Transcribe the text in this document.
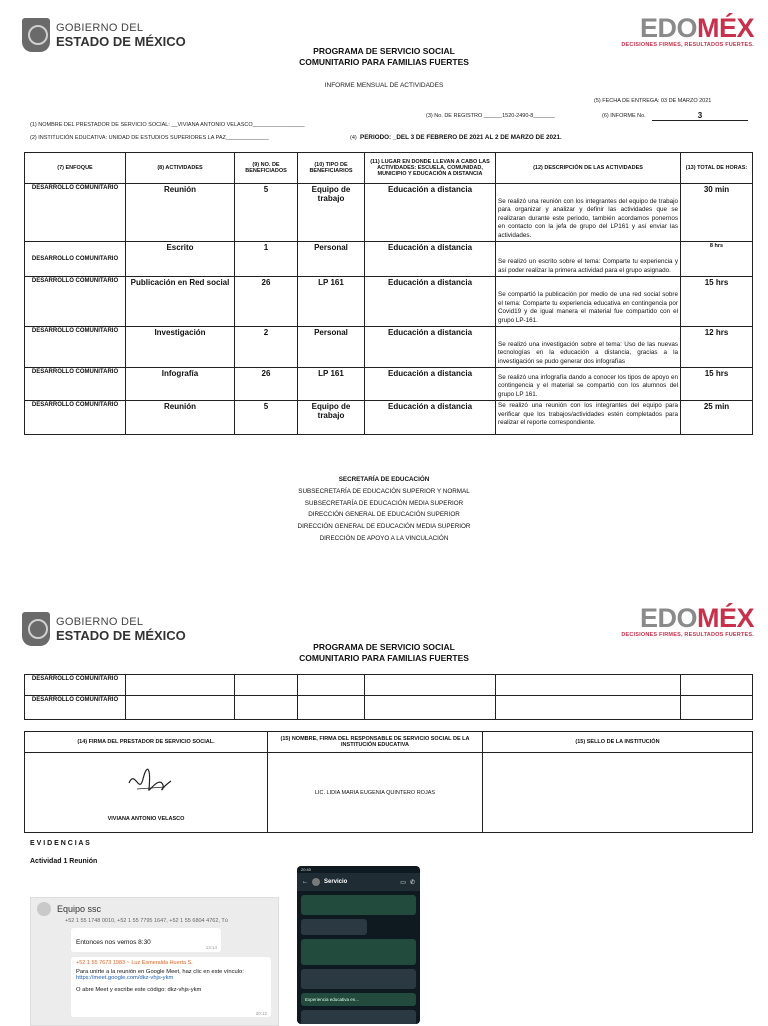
GOBIERNO DEL
ESTADO DE MÉXICO	EDOMÉX
DECISIONES FIRMES, RESULTADOS FUERTES.
PROGRAMA DE SERVICIO SOCIAL
COMUNITARIO PARA FAMILIAS FUERTES
INFORME MENSUAL DE ACTIVIDADES
(5) FECHA DE ENTREGA: 03 DE MARZO 2021
(3) No. DE REGISTRO ______1520-2490-8_______	(6) INFORME No.	3
(1) NOMBRE DEL PRESTADOR DE SERVICIO SOCIAL: __VIVIANA ANTONIO VELASCO_________________
(2) INSTITUCIÓN EDUCATIVA: UNIDAD DE ESTUDIOS SUPERIORES LA PAZ______________	(4) PERIODO: _DEL 3 DE FEBRERO DE 2021 AL 2 DE MARZO DE 2021.
(7) ENFOQUE	(8) ACTIVIDADES	(9) NO. DE BENEFICIADOS	(10) TIPO DE BENEFICIARIOS	(11) LUGAR EN DONDE LLEVAN A CABO LAS ACTIVIDADES: ESCUELA, COMUNIDAD, MUNICIPIO Y EDUCACIÓN A DISTANCIA	(12) DESCRIPCIÓN DE LAS ACTIVIDADES	(13) TOTAL DE HORAS:
DESARROLLO COMUNITARIO	Reunión	5	Equipo de trabajo	Educación a distancia	Se realizó una reunión con los integrantes del equipo de trabajo para organizar y analizar y definir las actividades que se realizaran durante este periodo, también acordamos ponernos en contacto con la jefa de grupo del LP161 y así enviar las actividades.	30 min
DESARROLLO COMUNITARIO	Escrito	1	Personal	Educación a distancia	Se realizó un escrito sobre el tema: Comparte tu experiencia y así poder realizar la primera actividad para el grupo asignado.	8 hrs
DESARROLLO COMUNITARIO	Publicación en Red social	26	LP 161	Educación a distancia	Se compartió la publicación por medio de una red social sobre el tema: Comparte tu experiencia educativa en contingencia por Covid19 y de igual manera el material fue compartido con el grupo LP-161.	15 hrs
DESARROLLO COMUNITARIO	Investigación	2	Personal	Educación a distancia	Se realizó una investigación sobre el tema: Uso de las nuevas tecnologías en la educación a distancia, gracias a la investigación se pudo generar dos infografías	12 hrs
DESARROLLO COMUNITARIO	Infografía	26	LP 161	Educación a distancia	Se realizó una infografía dando a conocer los tipos de apoyo en contingencia y el material se compartió con los alumnos del grupo LP 161.	15 hrs
DESARROLLO COMUNITARIO	Reunión	5	Equipo de trabajo	Educación a distancia	Se realizó una reunión con los integrantes del equipo para verificar que los trabajos/actividades estén completados para realizar el reporte correspondiente.	25 min
SECRETARÍA DE EDUCACIÓN
SUBSECRETARÍA DE EDUCACIÓN SUPERIOR Y NORMAL
SUBSECRETARÍA DE EDUCACIÓN MEDIA SUPERIOR
DIRECCIÓN GENERAL DE EDUCACIÓN SUPERIOR
DIRECCIÓN GENERAL DE EDUCACIÓN MEDIA SUPERIOR
DIRECCIÓN DE APOYO A LA VINCULACIÓN
GOBIERNO DEL
ESTADO DE MÉXICO
EDOMÉX
DECISIONES FIRMES, RESULTADOS FUERTES.
PROGRAMA DE SERVICIO SOCIAL
COMUNITARIO PARA FAMILIAS FUERTES
DESARROLLO COMUNITARIO						
DESARROLLO COMUNITARIO						
(14) FIRMA DEL PRESTADOR DE SERVICIO SOCIAL.	(15) NOMBRE, FIRMA DEL RESPONSABLE DE SERVICIO SOCIAL DE LA INSTITUCIÓN EDUCATIVA	(15) SELLO DE LA INSTITUCIÓN

VIVIANA ANTONIO VELASCO	LIC. LIDIA MARIA EUGENIA QUINTERO ROJAS	
E V I D E N C I A S
Actividad 1 Reunión
Equipo ssc
+52 1 55 1748 0010, +52 1 55 7795 1647, +52 1 55 6804 4762, Tú
Entonces nos vemos 8:30
13:14
+52 1 55 7673 1983 ~ Luz Esmeralda Huerta S.
Para unirte a la reunión en Google Meet, haz clic en este vínculo:
https://meet.google.com/dkz-vhjs-ykm
O abre Meet y escribe este código: dkz-vhjs-ykm
20:12
20:40
←	Servicio	▭ ✆
Experiencia educativa en...
